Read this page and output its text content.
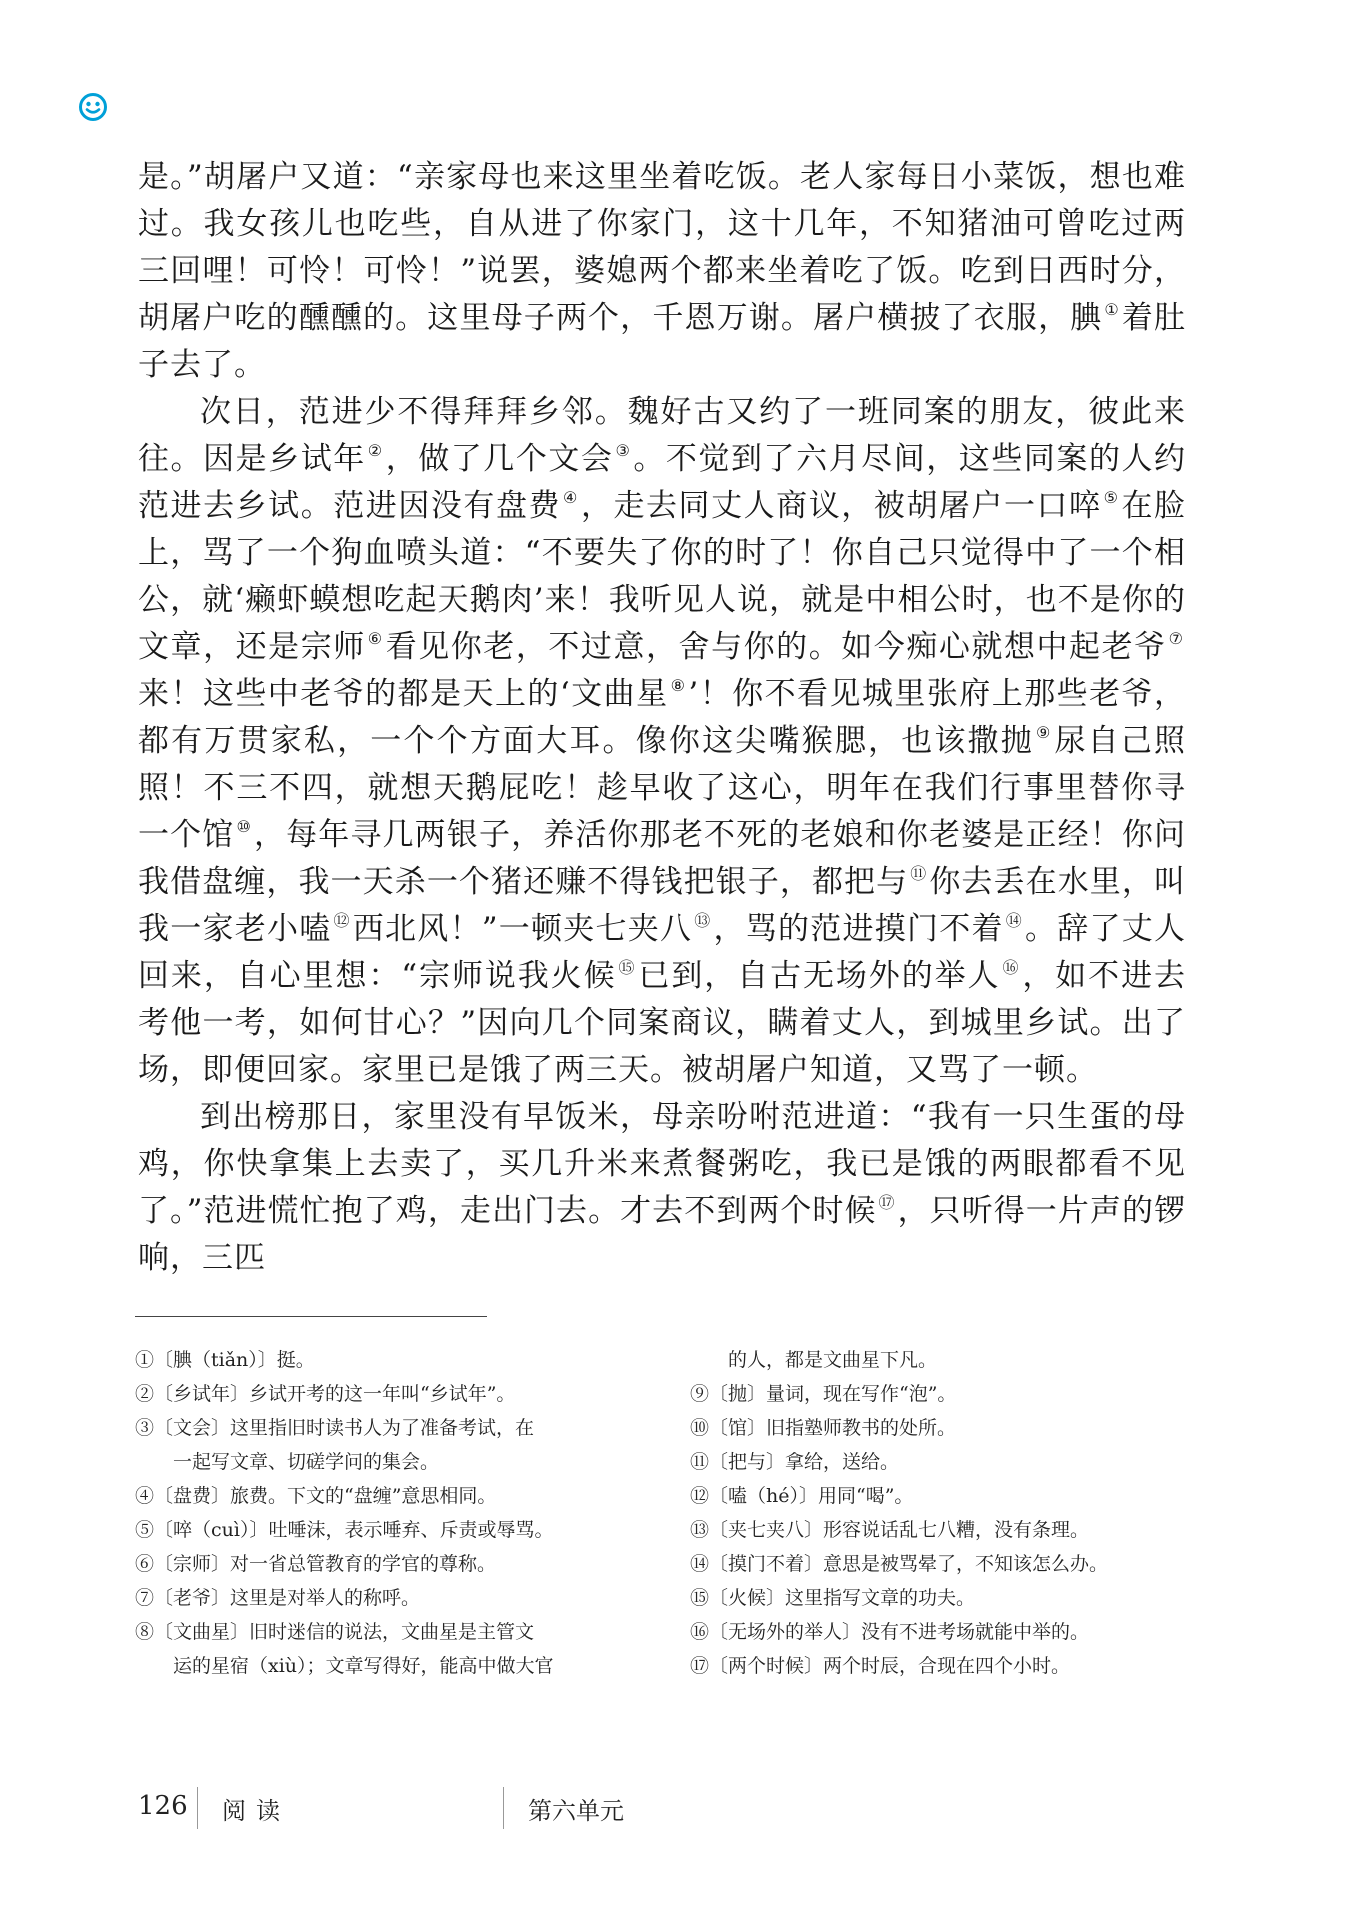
是。”胡屠户又道：“亲家母也来这里坐着吃饭。老人家每日小菜饭，想也难过。我女孩儿也吃些，自从进了你家门，这十几年，不知猪油可曾吃过两三回哩！可怜！可怜！”说罢，婆媳两个都来坐着吃了饭。吃到日西时分，胡屠户吃的醺醺的。这里母子两个，千恩万谢。屠户横披了衣服，腆 ①着肚子去了。

次日，范进少不得拜拜乡邻。魏好古又约了一班同案的朋友，彼此来往。因是乡试年 ②，做了几个文会 ③。不觉到了六月尽间，这些同案的人约范进去乡试。范进因没有盘费 ④，走去同丈人商议，被胡屠户一口啐 ⑤在脸上，骂了一个狗血喷头道：“不要失了你的时了！你自己只觉得中了一个相公，就‘癞虾蟆想吃起天鹅肉’来！我听见人说，就是中相公时，也不是你的文章，还是宗师 ⑥看见你老，不过意，舍与你的。如今痴心就想中起老爷 ⑦来！这些中老爷的都是天上的‘文曲星 ⑧’！你不看见城里张府上那些老爷，都有万贯家私，一个个方面大耳。像你这尖嘴猴腮，也该撒抛 ⑨尿自己照照！不三不四，就想天鹅屁吃！趁早收了这心，明年在我们行事里替你寻一个馆 ⑩，每年寻几两银子，养活你那老不死的老娘和你老婆是正经！你问我借盘缠，我一天杀一个猪还赚不得钱把银子，都把与 ⑪你去丢在水里，叫我一家老小嗑 ⑫西北风！”一顿夹七夹八 ⑬，骂的范进摸门不着 ⑭。辞了丈人回来，自心里想：“宗师说我火候 ⑮已到，自古无场外的举人 ⑯，如不进去考他一考，如何甘心？”因向几个同案商议，瞒着丈人，到城里乡试。出了场，即便回家。家里已是饿了两三天。被胡屠户知道，又骂了一顿。

到出榜那日，家里没有早饭米，母亲吩咐范进道：“我有一只生蛋的母鸡，你快拿集上去卖了，买几升米来煮餐粥吃，我已是饿的两眼都看不见了。”范进慌忙抱了鸡，走出门去。才去不到两个时候 ⑰，只听得一片声的锣响，三匹

①〔腆（tiǎn）〕挺。
②〔乡试年〕乡试开考的这一年叫“乡试年”。
③〔文会〕这里指旧时读书人为了准备考试，在
一起写文章、切磋学问的集会。
④〔盘费〕旅费。下文的“盘缠”意思相同。
⑤〔啐（cuì）〕吐唾沫，表示唾弃、斥责或辱骂。
⑥〔宗师〕对一省总管教育的学官的尊称。
⑦〔老爷〕这里是对举人的称呼。
⑧〔文曲星〕旧时迷信的说法，文曲星是主管文
运的星宿（xiù）；文章写得好，能高中做大官
的人，都是文曲星下凡。
⑨〔抛〕量词，现在写作“泡”。
⑩〔馆〕旧指塾师教书的处所。
⑪〔把与〕拿给，送给。
⑫〔嗑（hé）〕用同“喝”。
⑬〔夹七夹八〕形容说话乱七八糟，没有条理。
⑭〔摸门不着〕意思是被骂晕了，不知该怎么办。
⑮〔火候〕这里指写文章的功夫。
⑯〔无场外的举人〕没有不进考场就能中举的。
⑰〔两个时候〕两个时辰，合现在四个小时。
126 阅读	第六单元
